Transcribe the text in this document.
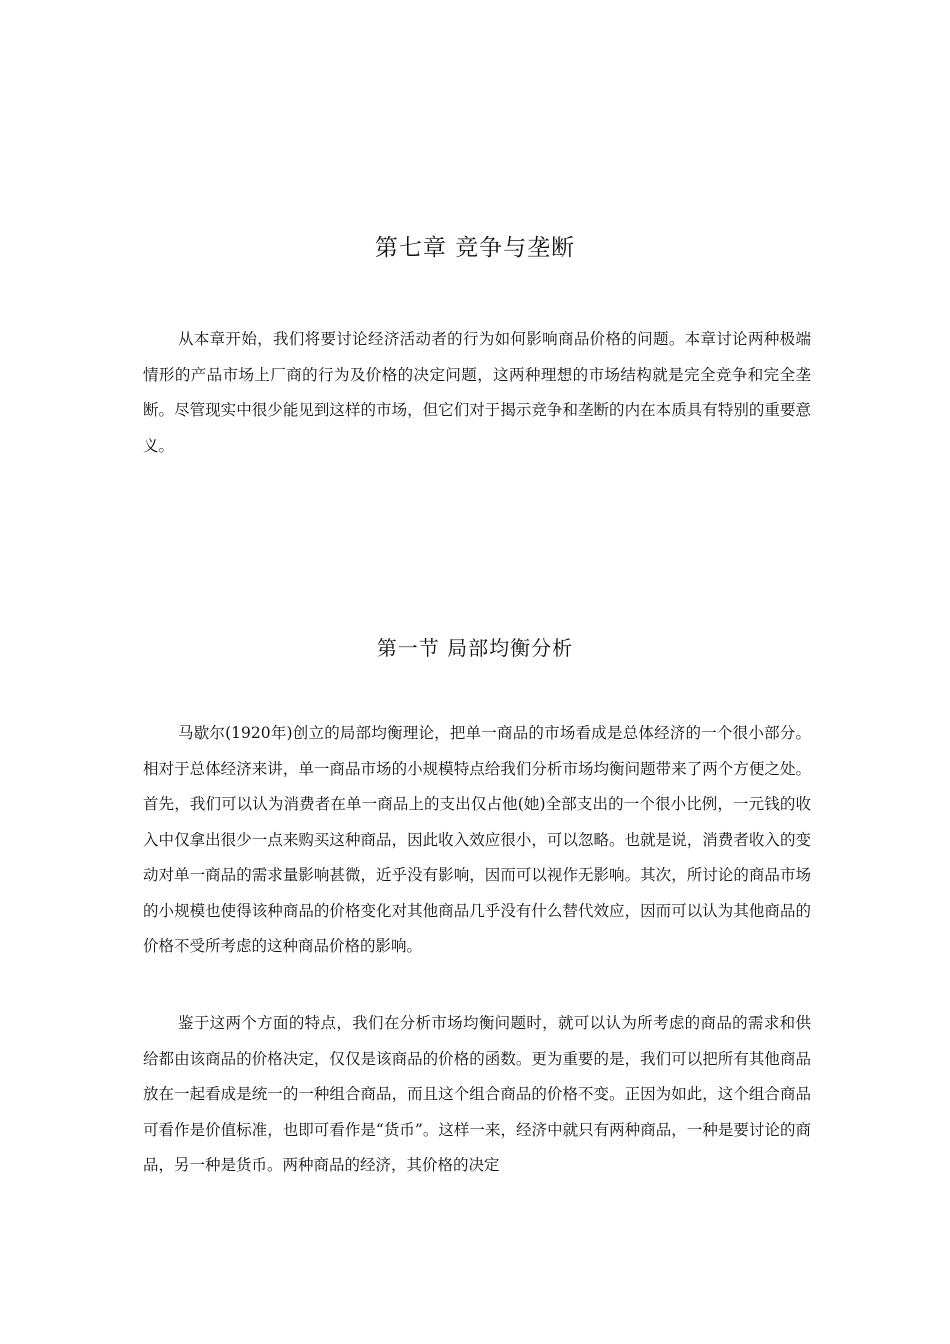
第七章 竞争与垄断

从本章开始，我们将要讨论经济活动者的行为如何影响商品价格的问题。本章讨论两种极端情形的产品市场上厂商的行为及价格的决定问题，这两种理想的市场结构就是完全竞争和完全垄断。尽管现实中很少能见到这样的市场，但它们对于揭示竞争和垄断的内在本质具有特别的重要意义。

第一节 局部均衡分析

马歇尔(1920年)创立的局部均衡理论，把单一商品的市场看成是总体经济的一个很小部分。相对于总体经济来讲，单一商品市场的小规模特点给我们分析市场均衡问题带来了两个方便之处。首先，我们可以认为消费者在单一商品上的支出仅占他(她)全部支出的一个很小比例，一元钱的收入中仅拿出很少一点来购买这种商品，因此收入效应很小，可以忽略。也就是说，消费者收入的变动对单一商品的需求量影响甚微，近乎没有影响，因而可以视作无影响。其次，所讨论的商品市场的小规模也使得该种商品的价格变化对其他商品几乎没有什么替代效应，因而可以认为其他商品的价格不受所考虑的这种商品价格的影响。

鉴于这两个方面的特点，我们在分析市场均衡问题时，就可以认为所考虑的商品的需求和供给都由该商品的价格决定，仅仅是该商品的价格的函数。更为重要的是，我们可以把所有其他商品放在一起看成是统一的一种组合商品，而且这个组合商品的价格不变。正因为如此，这个组合商品可看作是价值标准，也即可看作是“货币”。这样一来，经济中就只有两种商品，一种是要讨论的商品，另一种是货币。两种商品的经济，其价格的决定
